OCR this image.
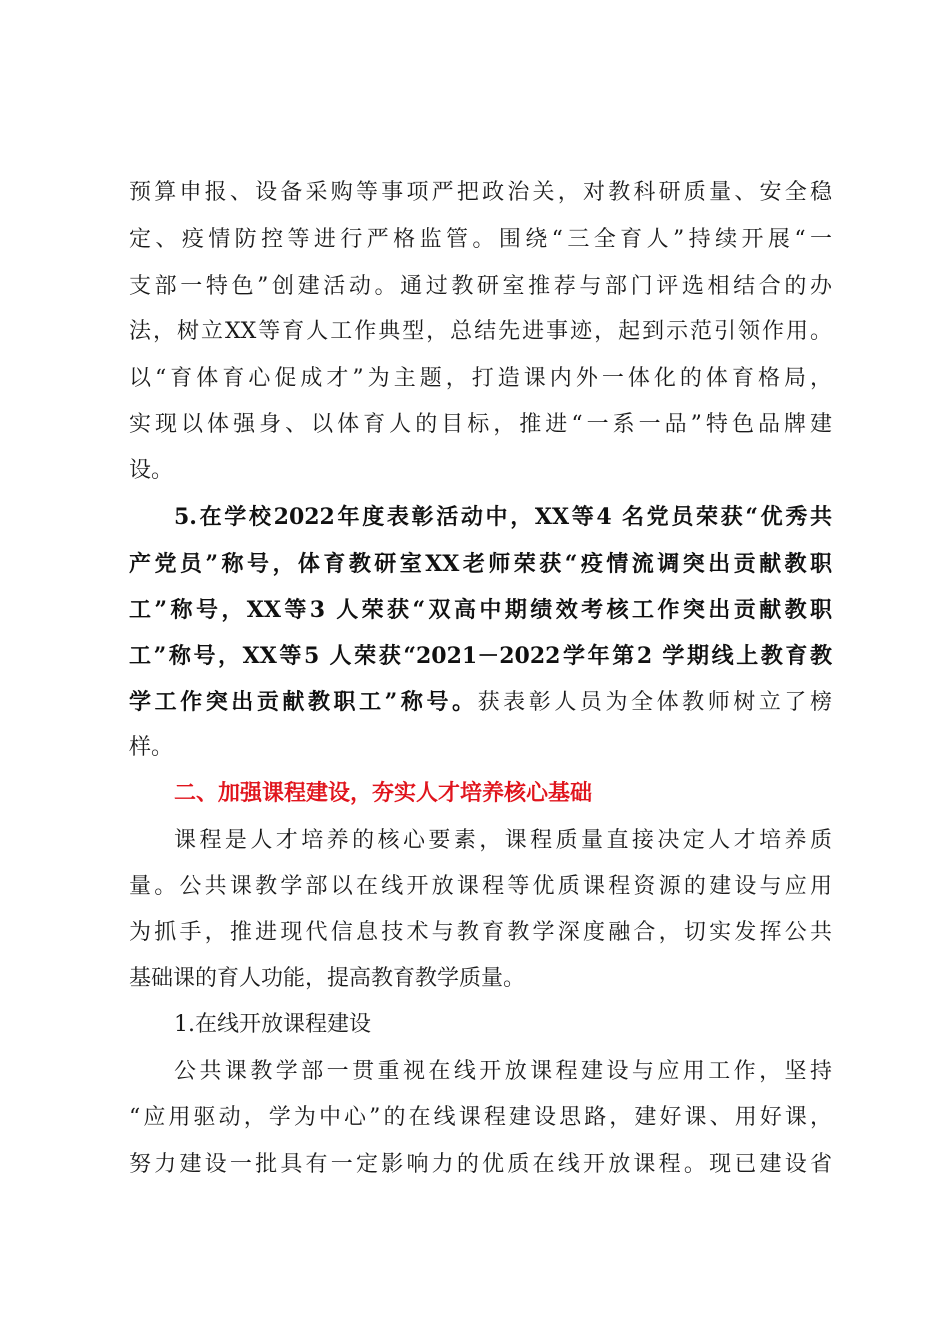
预算申报、设备采购等事项严把政治关，对教科研质量、安全稳
定、疫情防控等进行严格监管。围绕“三全育人”持续开展“一
支部一特色”创建活动。通过教研室推荐与部门评选相结合的办
法，树立XX等育人工作典型，总结先进事迹，起到示范引领作用。
以“育体育心促成才”为主题，打造课内外一体化的体育格局，
实现以体强身、以体育人的目标，推进“一系一品”特色品牌建
设。
5.在学校2022年度表彰活动中，XX等4 名党员荣获“优秀共
产党员”称号，体育教研室XX老师荣获“疫情流调突出贡献教职
工”称号，XX等3 人荣获“双高中期绩效考核工作突出贡献教职
工”称号，XX等5 人荣获“2021－2022学年第2 学期线上教育教
学工作突出贡献教职工”称号。获表彰人员为全体教师树立了榜
样。
二、加强课程建设，夯实人才培养核心基础
课程是人才培养的核心要素，课程质量直接决定人才培养质
量。公共课教学部以在线开放课程等优质课程资源的建设与应用
为抓手，推进现代信息技术与教育教学深度融合，切实发挥公共
基础课的育人功能，提高教育教学质量。
1.在线开放课程建设
公共课教学部一贯重视在线开放课程建设与应用工作，坚持
“应用驱动，学为中心”的在线课程建设思路，建好课、用好课，
努力建设一批具有一定影响力的优质在线开放课程。现已建设省
